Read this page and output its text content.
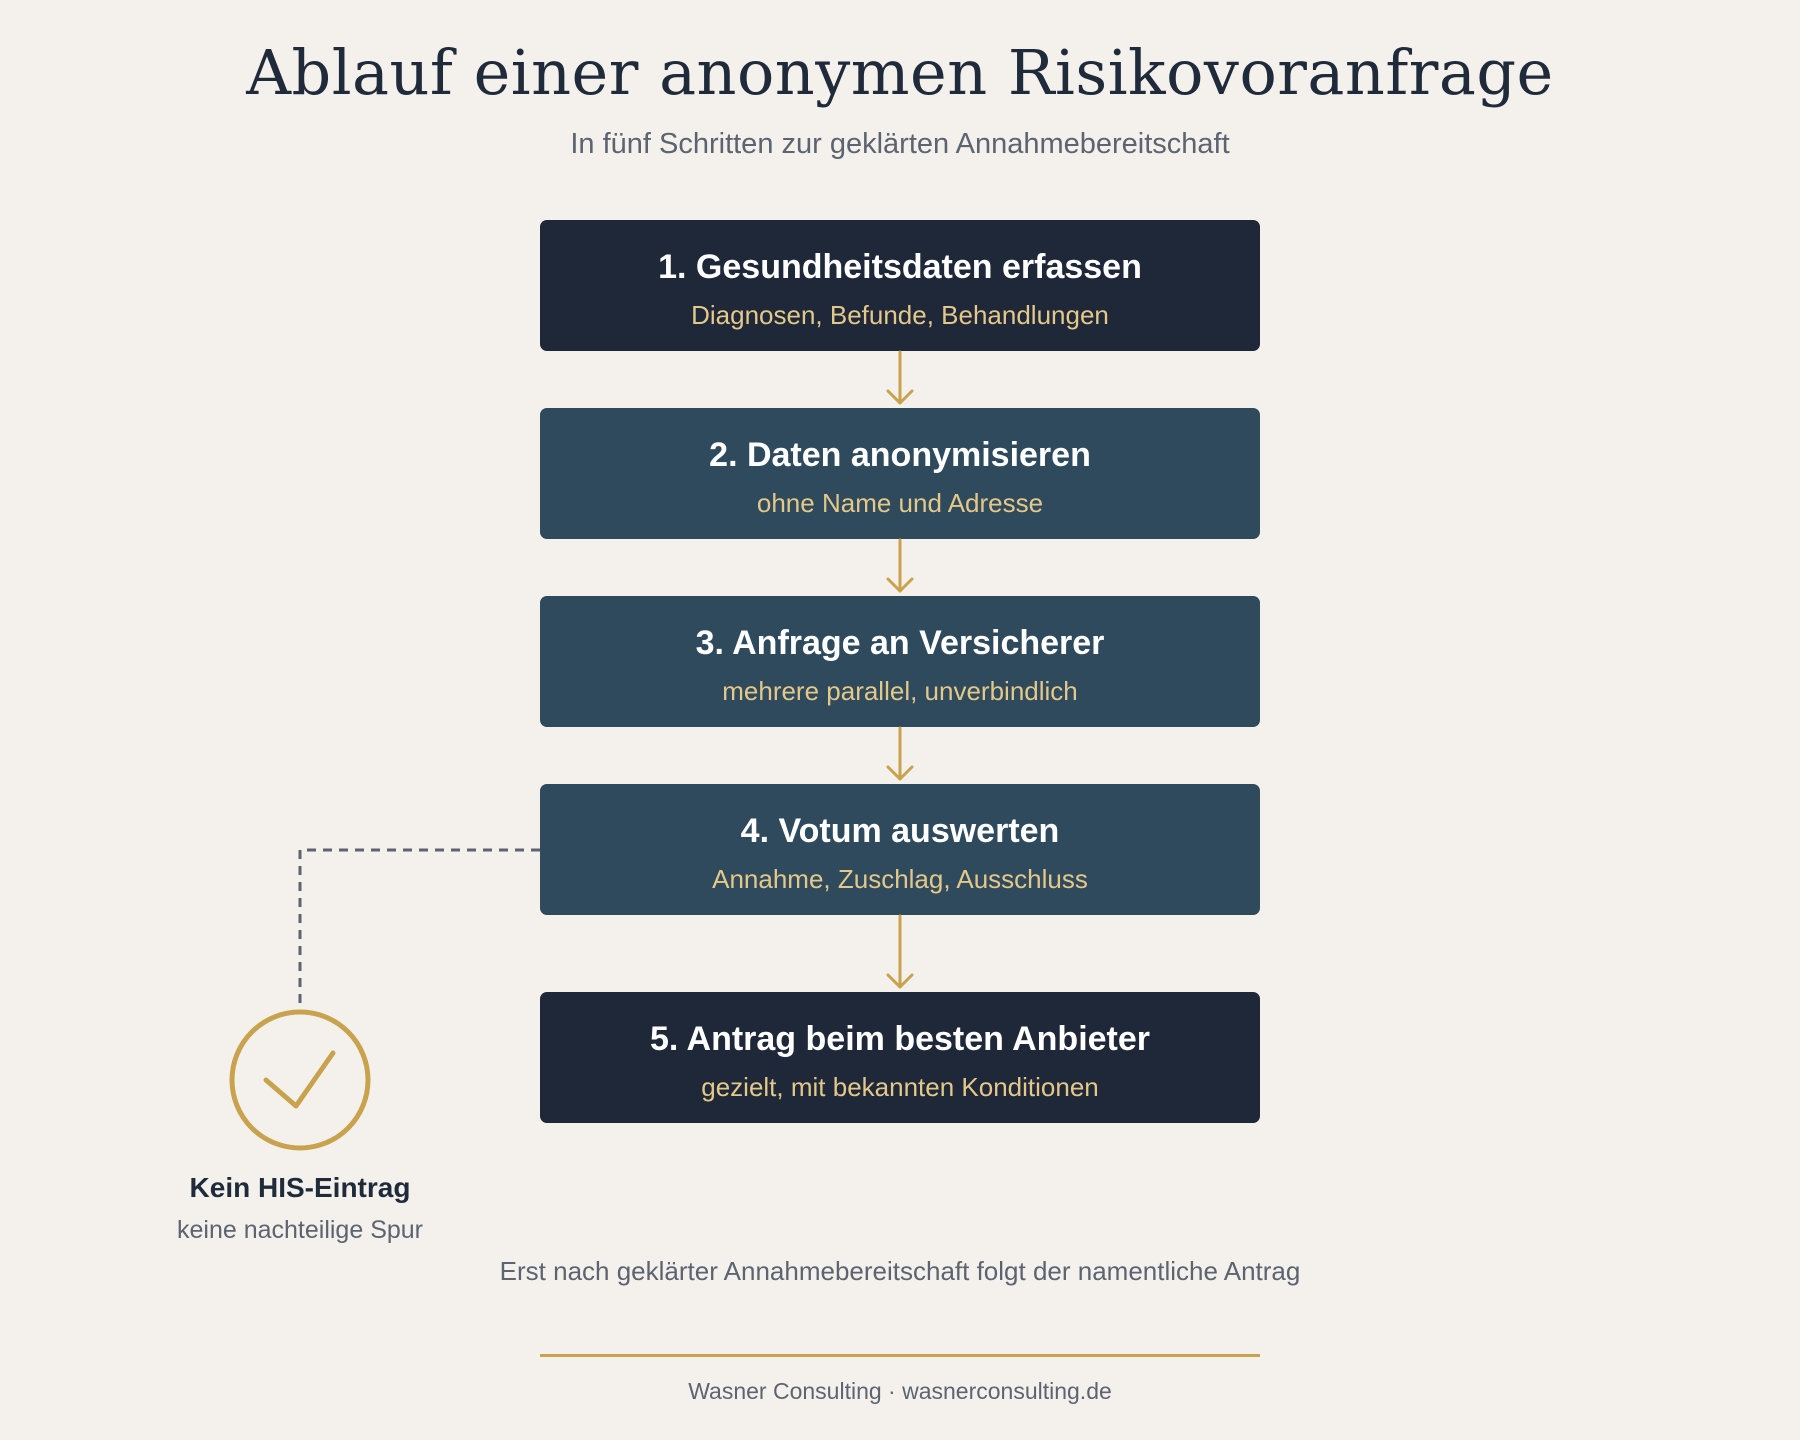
Ablauf einer anonymen Risikovoranfrage
In fünf Schritten zur geklärten Annahmebereitschaft
1. Gesundheitsdaten erfassen
Diagnosen, Befunde, Behandlungen
2. Daten anonymisieren
ohne Name und Adresse
3. Anfrage an Versicherer
mehrere parallel, unverbindlich
4. Votum auswerten
Annahme, Zuschlag, Ausschluss
5. Antrag beim besten Anbieter
gezielt, mit bekannten Konditionen
Kein HIS-Eintrag
keine nachteilige Spur
Erst nach geklärter Annahmebereitschaft folgt der namentliche Antrag
Wasner Consulting · wasnerconsulting.de
